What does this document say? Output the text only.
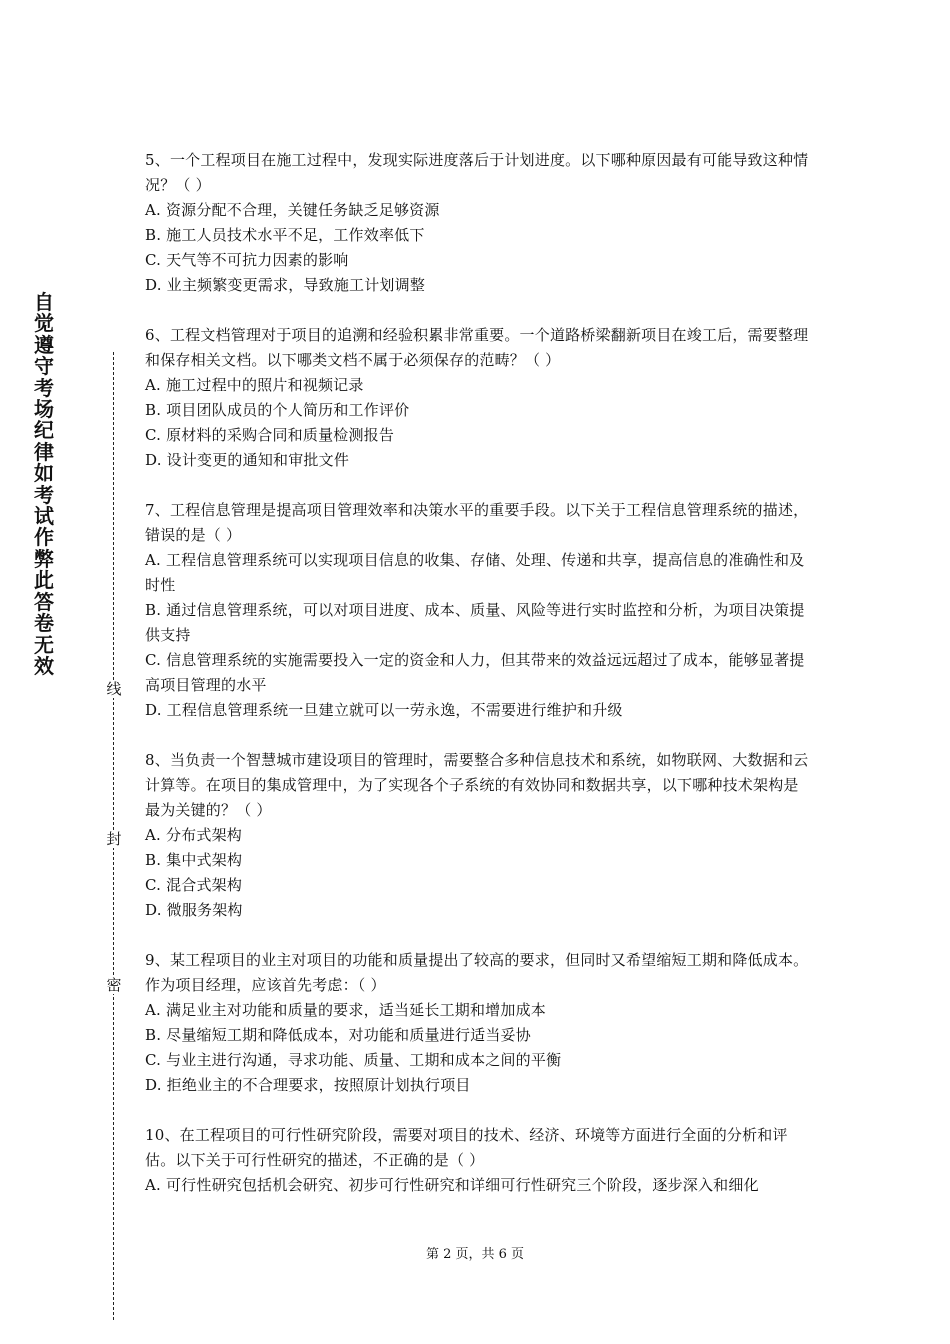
自觉遵守考场纪律如考试作弊此答卷无效
线
封
密

5、一个工程项目在施工过程中，发现实际进度落后于计划进度。以下哪种原因最有可能导致这种情况？（ ）

A. 资源分配不合理，关键任务缺乏足够资源

B. 施工人员技术水平不足，工作效率低下

C. 天气等不可抗力因素的影响

D. 业主频繁变更需求，导致施工计划调整

6、工程文档管理对于项目的追溯和经验积累非常重要。一个道路桥梁翻新项目在竣工后，需要整理和保存相关文档。以下哪类文档不属于必须保存的范畴？（ ）

A. 施工过程中的照片和视频记录

B. 项目团队成员的个人简历和工作评价

C. 原材料的采购合同和质量检测报告

D. 设计变更的通知和审批文件

7、工程信息管理是提高项目管理效率和决策水平的重要手段。以下关于工程信息管理系统的描述，错误的是（ ）

A. 工程信息管理系统可以实现项目信息的收集、存储、处理、传递和共享，提高信息的准确性和及时性

B. 通过信息管理系统，可以对项目进度、成本、质量、风险等进行实时监控和分析，为项目决策提供支持

C. 信息管理系统的实施需要投入一定的资金和人力，但其带来的效益远远超过了成本，能够显著提高项目管理的水平

D. 工程信息管理系统一旦建立就可以一劳永逸，不需要进行维护和升级

8、当负责一个智慧城市建设项目的管理时，需要整合多种信息技术和系统，如物联网、大数据和云计算等。在项目的集成管理中，为了实现各个子系统的有效协同和数据共享，以下哪种技术架构是最为关键的？（ ）

A. 分布式架构

B. 集中式架构

C. 混合式架构

D. 微服务架构

9、某工程项目的业主对项目的功能和质量提出了较高的要求，但同时又希望缩短工期和降低成本。作为项目经理，应该首先考虑：（ ）

A. 满足业主对功能和质量的要求，适当延长工期和增加成本

B. 尽量缩短工期和降低成本，对功能和质量进行适当妥协

C. 与业主进行沟通，寻求功能、质量、工期和成本之间的平衡

D. 拒绝业主的不合理要求，按照原计划执行项目

10、在工程项目的可行性研究阶段，需要对项目的技术、经济、环境等方面进行全面的分析和评估。以下关于可行性研究的描述，不正确的是（ ）

A. 可行性研究包括机会研究、初步可行性研究和详细可行性研究三个阶段，逐步深入和细化

第 2 页，共 6 页
